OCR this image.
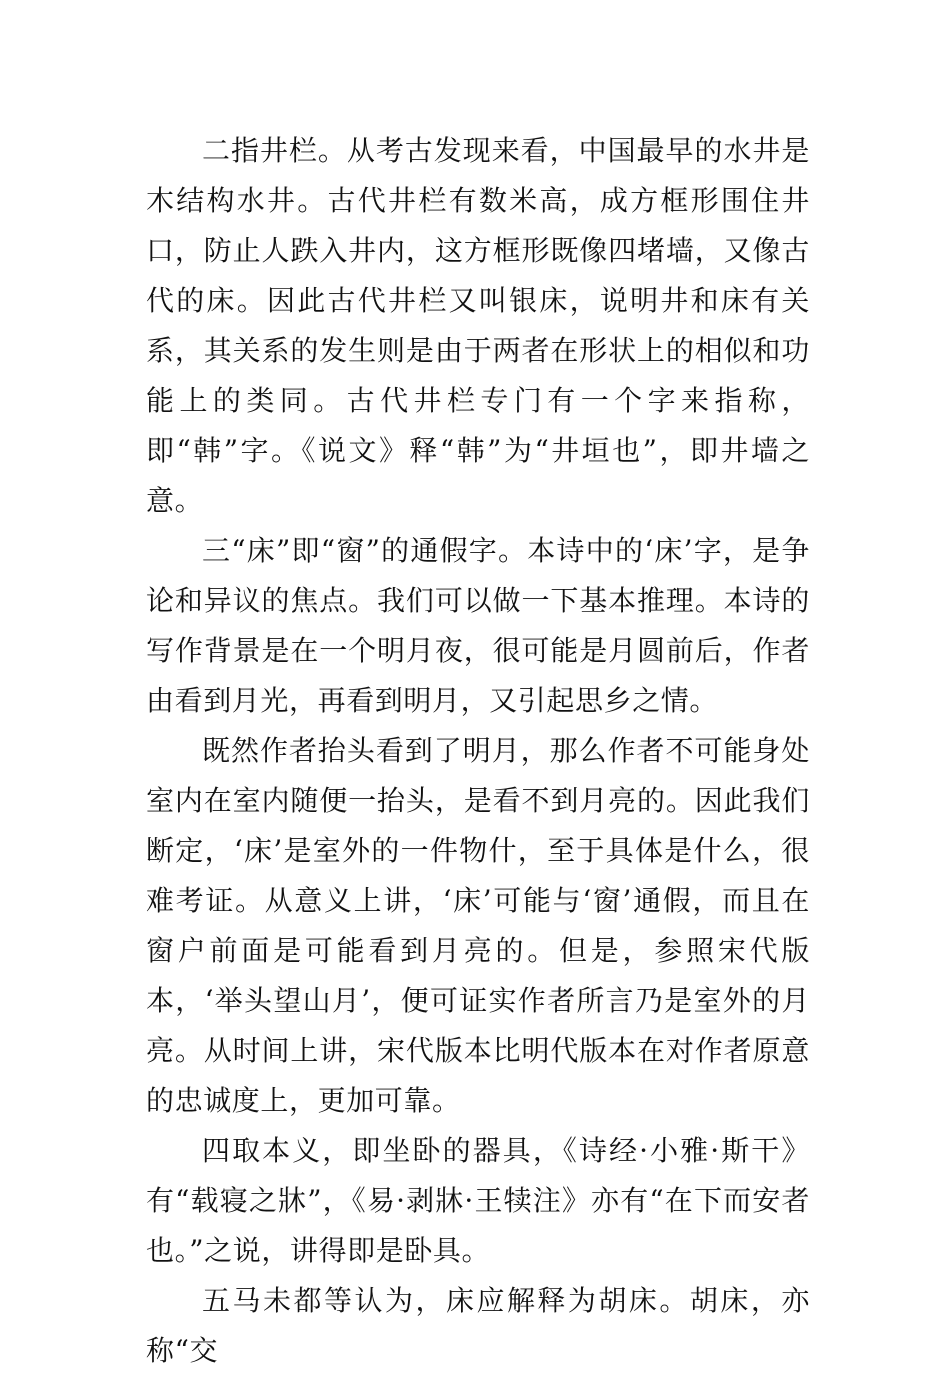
二指井栏。从考古发现来看，中国最早的水井是木结构水井。古代井栏有数米高，成方框形围住井口，防止人跌入井内，这方框形既像四堵墙，又像古代的床。因此古代井栏又叫银床，说明井和床有关系，其关系的发生则是由于两者在形状上的相似和功能上的类同。古代井栏专门有一个字来指称，即“韩”字。《说文》释“韩”为“井垣也”，即井墙之意。

三“床”即“窗”的通假字。本诗中的‘床’字，是争论和异议的焦点。我们可以做一下基本推理。本诗的写作背景是在一个明月夜，很可能是月圆前后，作者由看到月光，再看到明月，又引起思乡之情。

既然作者抬头看到了明月，那么作者不可能身处室内在室内随便一抬头，是看不到月亮的。因此我们断定，‘床’是室外的一件物什，至于具体是什么，很难考证。从意义上讲，‘床’可能与‘窗’通假，而且在窗户前面是可能看到月亮的。但是，参照宋代版本，‘举头望山月’，便可证实作者所言乃是室外的月亮。从时间上讲，宋代版本比明代版本在对作者原意的忠诚度上，更加可靠。

四取本义，即坐卧的器具，《诗经·小雅·斯干》有“载寝之牀”，《易·剥牀·王犊注》亦有“在下而安者也。”之说，讲得即是卧具。

五马未都等认为，床应解释为胡床。胡床，亦称“交
